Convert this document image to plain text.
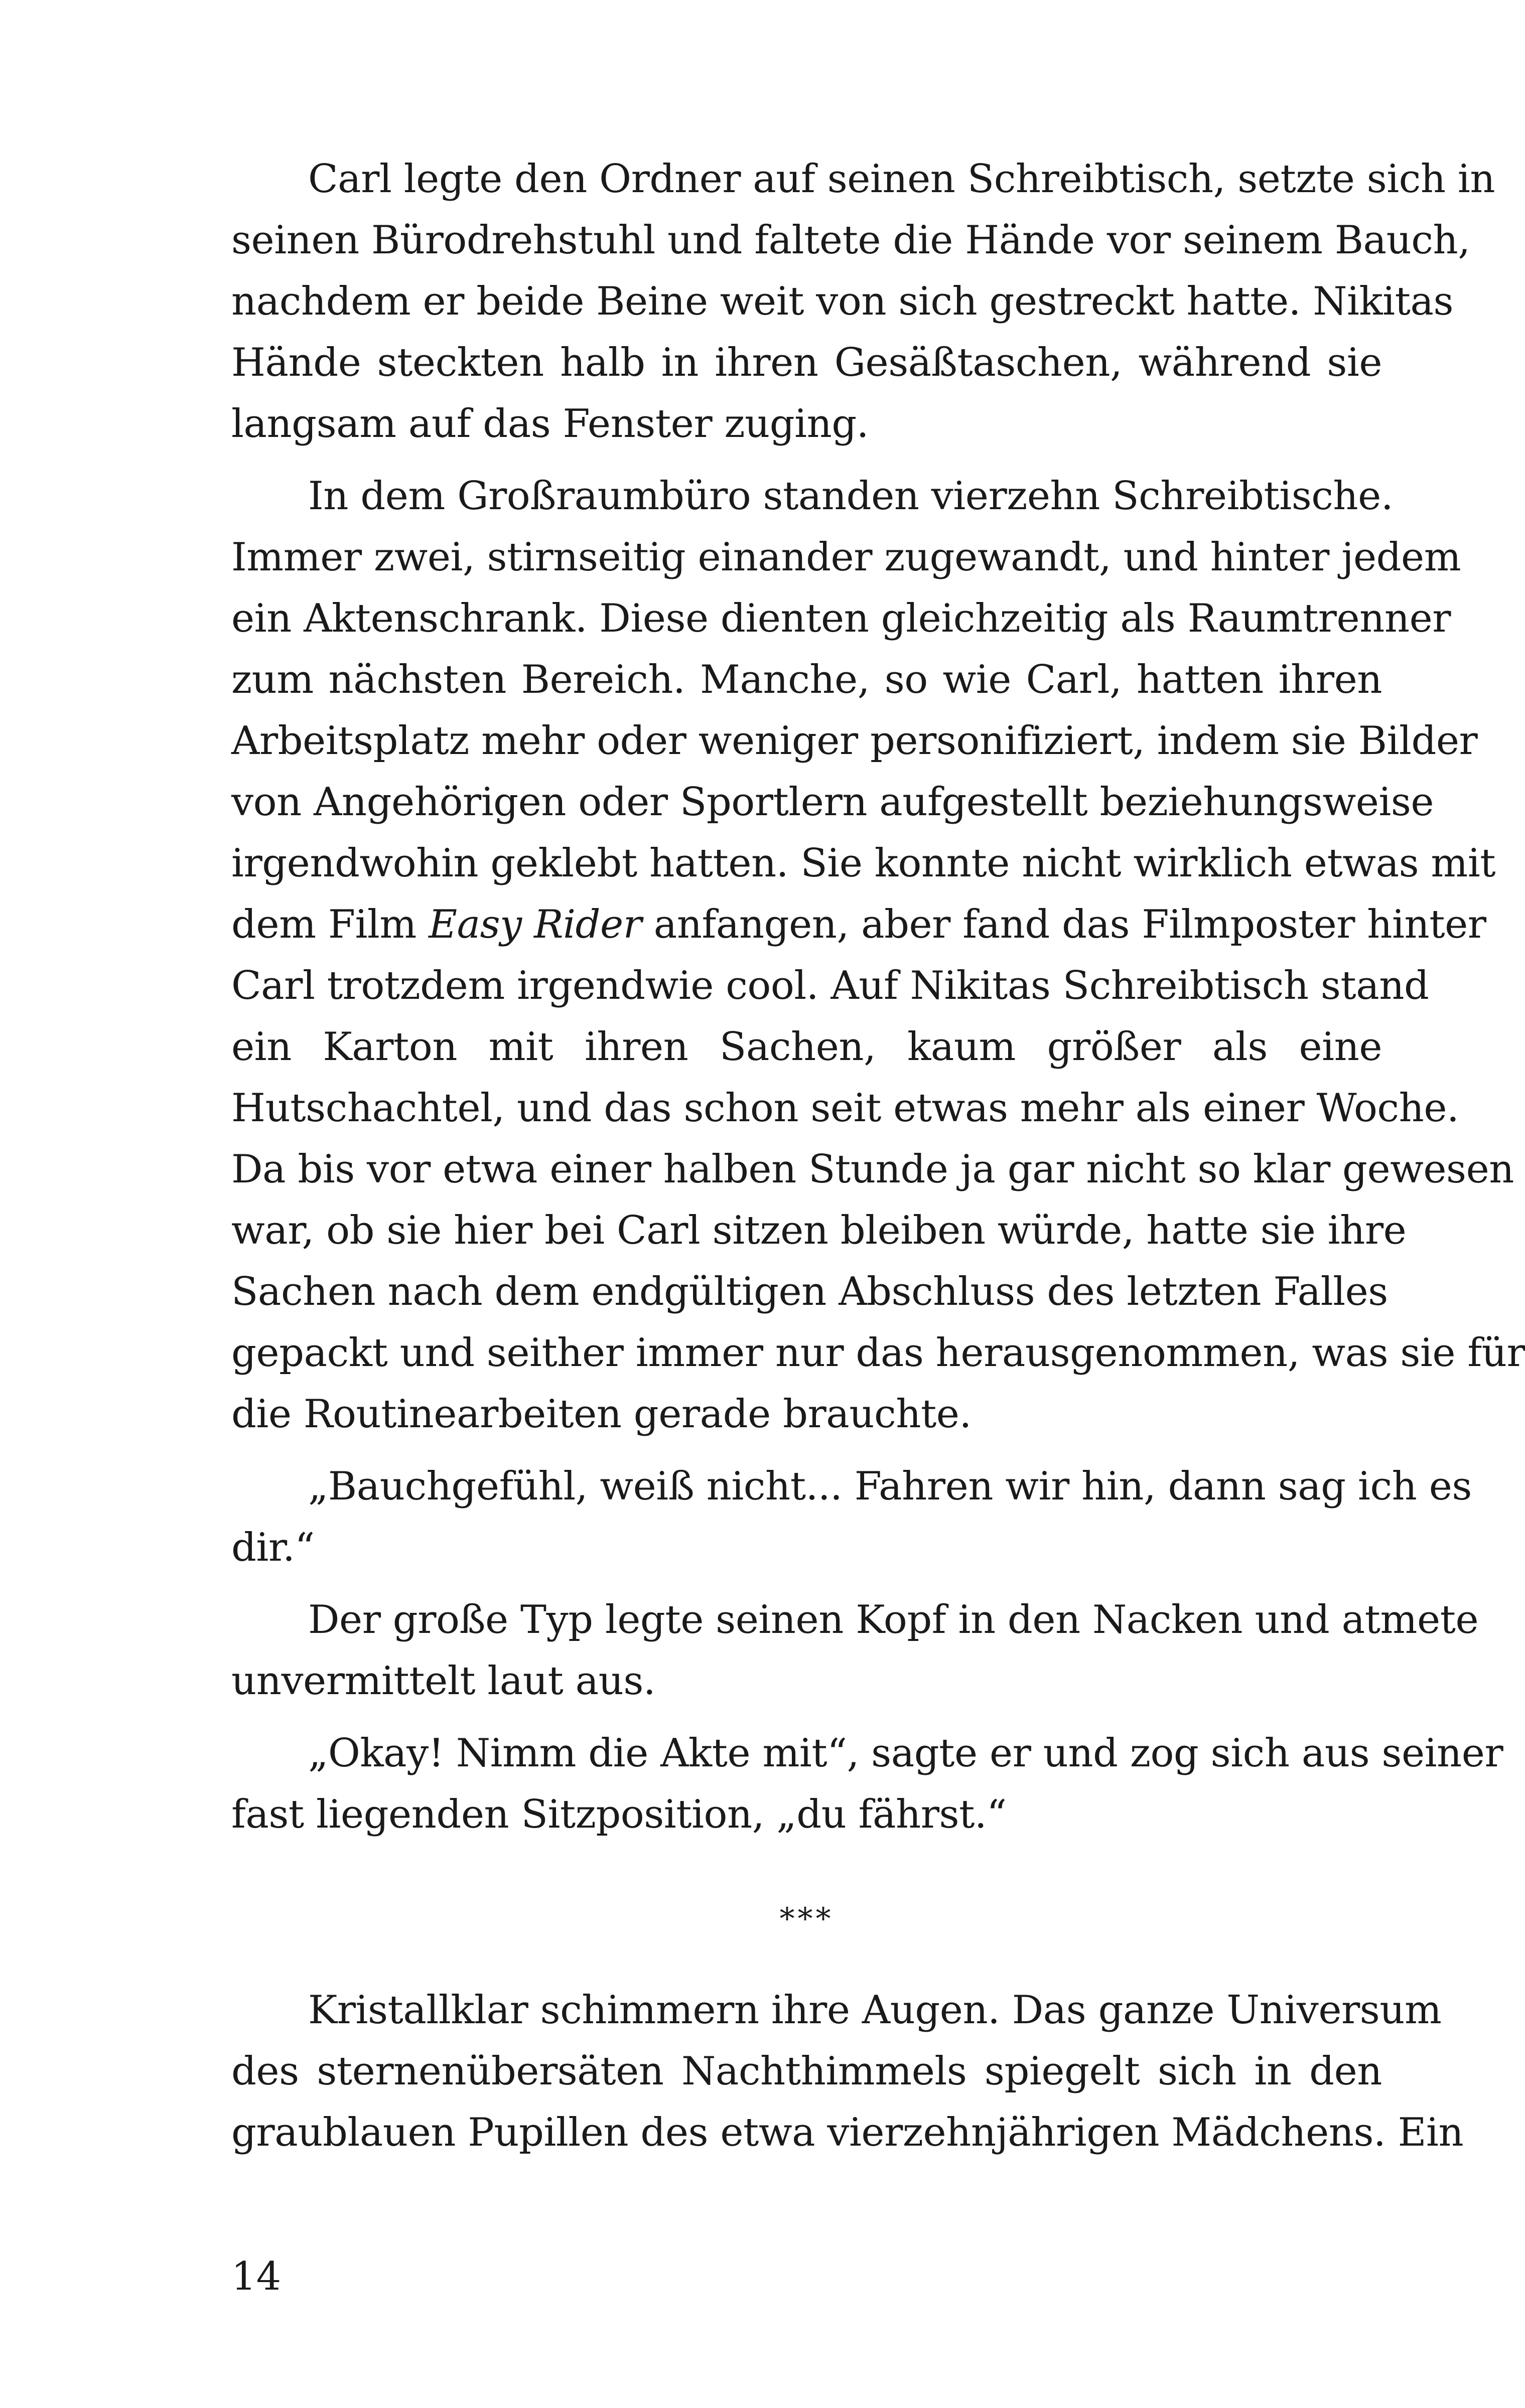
Carl legte den Ordner auf seinen Schreibtisch, setzte sich in
seinen Bürodrehstuhl und faltete die Hände vor seinem Bauch,
nachdem er beide Beine weit von sich gestreckt hatte. Nikitas
Hände steckten halb in ihren Gesäßtaschen, während sie
langsam auf das Fenster zuging.
In dem Großraumbüro standen vierzehn Schreibtische.
Immer zwei, stirnseitig einander zugewandt, und hinter jedem
ein Aktenschrank. Diese dienten gleichzeitig als Raumtrenner
zum nächsten Bereich. Manche, so wie Carl, hatten ihren
Arbeitsplatz mehr oder weniger personifiziert, indem sie Bilder
von Angehörigen oder Sportlern aufgestellt beziehungsweise
irgendwohin geklebt hatten. Sie konnte nicht wirklich etwas mit
dem Film Easy Rider anfangen, aber fand das Filmposter hinter
Carl trotzdem irgendwie cool. Auf Nikitas Schreibtisch stand
ein Karton mit ihren Sachen, kaum größer als eine
Hutschachtel, und das schon seit etwas mehr als einer Woche.
Da bis vor etwa einer halben Stunde ja gar nicht so klar gewesen
war, ob sie hier bei Carl sitzen bleiben würde, hatte sie ihre
Sachen nach dem endgültigen Abschluss des letzten Falles
gepackt und seither immer nur das herausgenommen, was sie für
die Routinearbeiten gerade brauchte.
„Bauchgefühl, weiß nicht... Fahren wir hin, dann sag ich es
dir.“
Der große Typ legte seinen Kopf in den Nacken und atmete
unvermittelt laut aus.
„Okay! Nimm die Akte mit“, sagte er und zog sich aus seiner
fast liegenden Sitzposition, „du fährst.“
***
Kristallklar schimmern ihre Augen. Das ganze Universum
des sternenübersäten Nachthimmels spiegelt sich in den
graublauen Pupillen des etwa vierzehnjährigen Mädchens. Ein
14
